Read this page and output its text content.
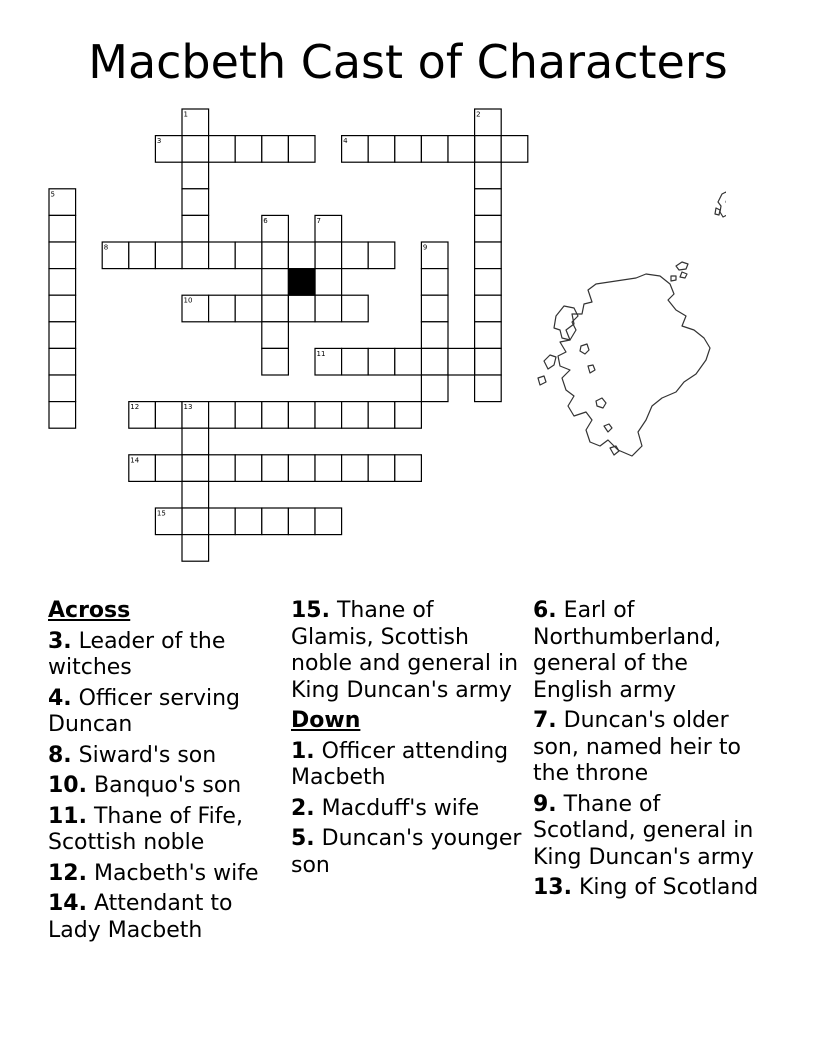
Macbeth Cast of Characters
1	2
3	4
5
6	7
8	9
10
11
12	13
14
15
Across
3. Leader of the witches
4. Officer serving Duncan
8. Siward's son
10. Banquo's son
11. Thane of Fife, Scottish noble
12. Macbeth's wife
14. Attendant to Lady Macbeth
15. Thane of Glamis, Scottish noble and general in King Duncan's army
Down
1. Officer attending Macbeth
2. Macduff's wife
5. Duncan's younger son
6. Earl of Northumberland, general of the English army
7. Duncan's older son, named heir to the throne
9. Thane of Scotland, general in King Duncan's army
13. King of Scotland
